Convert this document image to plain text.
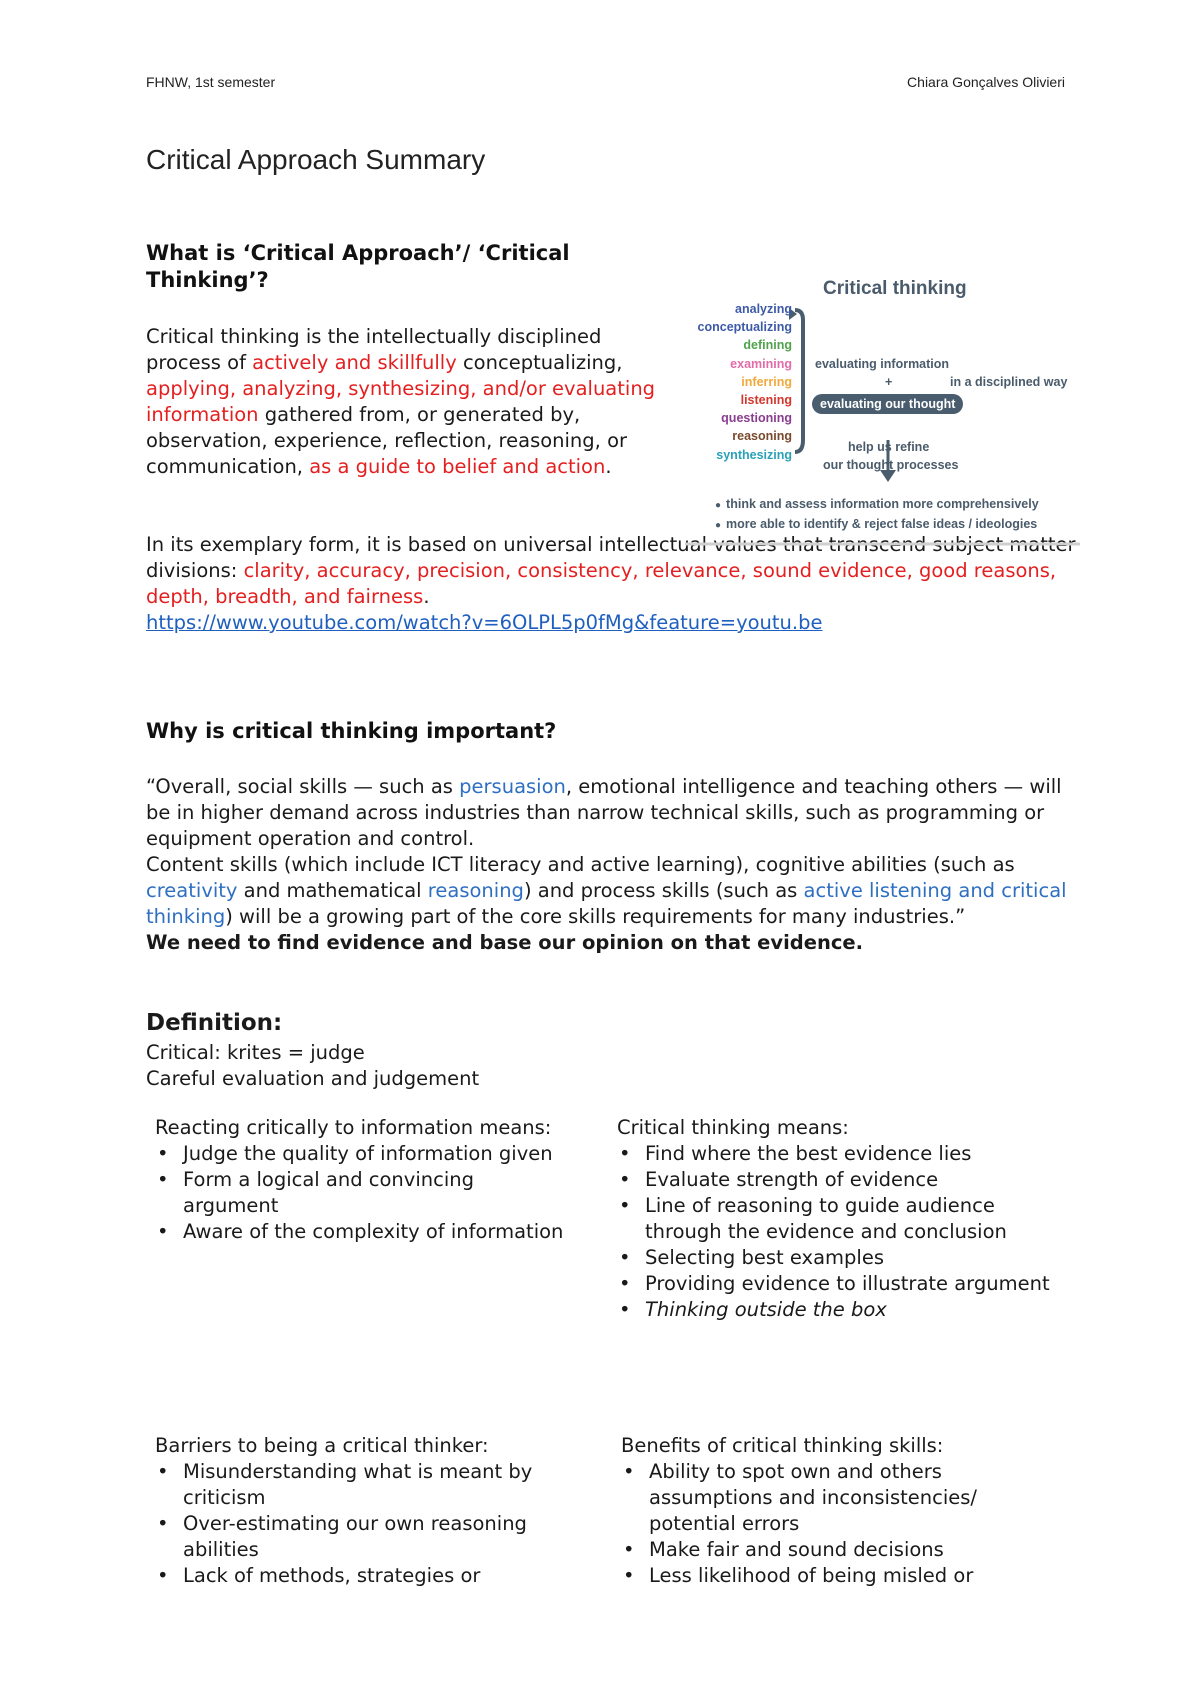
FHNW, 1st semester	Chiara Gonçalves Olivieri
Critical Approach Summary
What is ‘Critical Approach’/ ‘Critical Thinking’?

Critical thinking is the intellectually disciplined process of actively and skillfully conceptualizing, applying, analyzing, synthesizing, and/or evaluating information gathered from, or generated by, observation, experience, reflection, reasoning, or communication, as a guide to belief and action.

In its exemplary form, it is based on universal intellectual values that transcend subject matter divisions: clarity, accuracy, precision, consistency, relevance, sound evidence, good reasons, depth, breadth, and fairness.
https://www.youtube.com/watch?v=6OLPL5p0fMg&feature=youtu.be

Critical thinking
analyzing
conceptualizing
defining
examining
inferring
listening
questioning
reasoning
synthesizing
evaluating information
+	in a disciplined way
evaluating our thought
help us refine
our thought processes
● think and assess information more comprehensively
● more able to identify & reject false ideas / ideologies
Why is critical thinking important?

“Overall, social skills — such as persuasion, emotional intelligence and teaching others — will be in higher demand across industries than narrow technical skills, such as programming or equipment operation and control.
Content skills (which include ICT literacy and active learning), cognitive abilities (such as creativity and mathematical reasoning) and process skills (such as active listening and critical thinking) will be a growing part of the core skills requirements for many industries.”
We need to find evidence and base our opinion on that evidence.

Definition:

Critical: krites = judge
Careful evaluation and judgement

Reacting critically to information means:

• Judge the quality of information given
• Form a logical and convincing argument
• Aware of the complexity of information

Critical thinking means:

• Find where the best evidence lies
• Evaluate strength of evidence
• Line of reasoning to guide audience through the evidence and conclusion
• Selecting best examples
• Providing evidence to illustrate argument
• Thinking outside the box

Barriers to being a critical thinker:

• Misunderstanding what is meant by criticism
• Over-estimating our own reasoning abilities
• Lack of methods, strategies or

Benefits of critical thinking skills:

• Ability to spot own and others assumptions and inconsistencies/ potential errors
• Make fair and sound decisions
• Less likelihood of being misled or
